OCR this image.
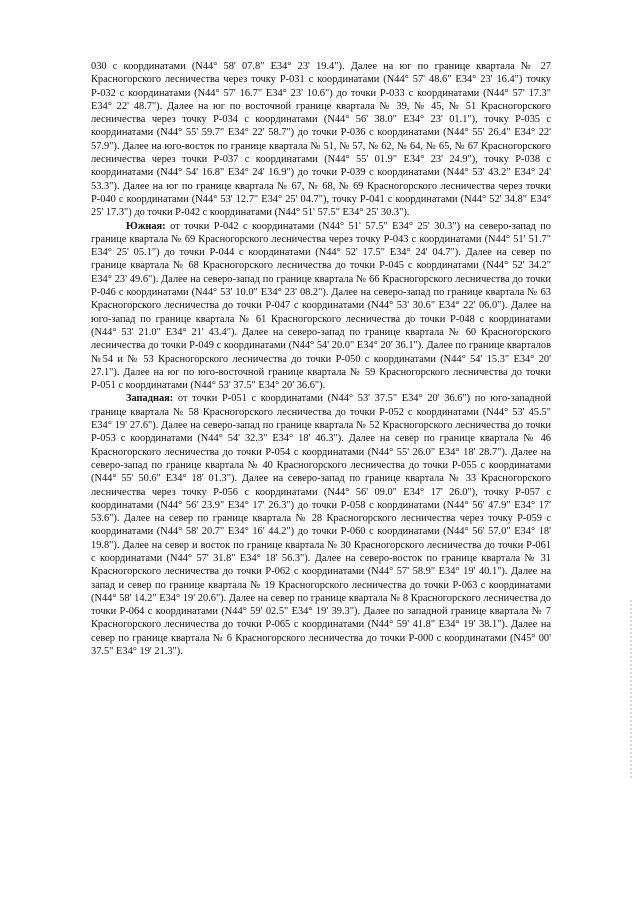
030 с координатами (N44° 58' 07.8" E34° 23' 19.4"). Далее на юг по границе квартала № 27 Красногорского лесничества через точку Р-031 с координатами (N44° 57' 48.6" E34° 23' 16.4") точку Р-032 с координатами (N44° 57' 16.7" E34° 23' 10.6") до точки Р-033 с координатами (N44° 57' 17.3" E34° 22' 48.7"). Далее на юг по восточной границе квартала № 39, № 45, № 51 Красногорского лесничества через точку Р-034 с координатами (N44° 56' 38.0" E34° 23' 01.1"), точку Р-035 с координатами (N44° 55' 59.7" E34° 22' 58.7") до точки Р-036 с координатами (N44° 55' 26.4" E34° 22' 57.9"). Далее на юго-восток по границе квартала № 51, № 57, № 62, № 64, № 65, № 67 Красногорского лесничества через точки Р-037 с координатами (N44° 55' 01.9" E34° 23' 24.9"), точку Р-038 с координатами (N44° 54' 16.8" E34° 24' 16.9") до точки Р-039 с координатами (N44° 53' 43.2" E34° 24' 53.3"). Далее на юг по границе квартала № 67, № 68, № 69 Красногорского лесничества через точки Р-040 с координатами (N44° 53' 12.7" E34° 25' 04.7"), точку Р-041 с координатами (N44° 52' 34.8" E34° 25' 17.3") до точки Р-042 с координатами (N44° 51' 57.5" E34° 25' 30.3").

Южная: от точки Р-042 с координатами (N44° 51' 57.5" E34° 25' 30.3") на северо-запад по границе квартала № 69 Красногорского лесничества через точку Р-043 с координатами (N44° 51' 51.7" E34° 25' 05.1") до точки Р-044 с координатами (N44° 52' 17.5" E34° 24' 04.7"). Далее на север по границе квартала № 68 Красногорского лесничества до точки Р-045 с координатами (N44° 52' 34.2" E34° 23' 49.6"). Далее на северо-запад по границе квартала № 66 Красногорского лесничества до точки Р-046 с координатами (N44° 53' 10.0" E34° 23' 08.2"). Далее на северо-запад по границе квартала № 63 Красногорского лесничества до точки Р-047 с координатами (N44° 53' 30.6" E34° 22' 06.0"). Далее на юго-запад по границе квартала № 61 Красногорского лесничества до точки Р-048 с координатами (N44° 53' 21.0" E34° 21' 43.4"). Далее на северо-запад по границе квартала № 60 Красногорского лесничества до точки Р-049 с координатами (N44° 54' 20.0" E34° 20' 36.1"). Далее по границе кварталов №54 и № 53 Красногорского лесничества до точки Р-050 с координатами (N44° 54' 15.3" E34° 20' 27.1"). Далее на юг по юго-восточной границе квартала № 59 Красногорского лесничества до точки Р-051 с координатами (N44° 53' 37.5" E34° 20' 36.6").

Западная: от точки Р-051 с координатами (N44° 53' 37.5" E34° 20' 36.6") по юго-западной границе квартала № 58 Красногорского лесничества до точки Р-052 с координатами (N44° 53' 45.5" E34° 19' 27.6"). Далее на северо-запад по границе квартала № 52 Красногорского лесничества до точки Р-053 с координатами (N44° 54' 32.3" E34° 18' 46.3"). Далее на север по границе квартала № 46 Красногорского лесничества до точки Р-054 с координатами (N44° 55' 26.0" E34° 18' 28.7"). Далее на северо-запад по границе квартала № 40 Красногорского лесничества до точки Р-055 с координатами (N44° 55' 50.6" E34° 18' 01.3"). Далее на северо-запад по границе квартала № 33 Красногорского лесничества через точку Р-056 с координатами (N44° 56' 09.0" E34° 17' 26.0"), точку Р-057 с координатами (N44° 56' 23.9" E34° 17' 26.3") до точки Р-058 с координатами (N44° 56' 47.9" E34° 17' 53.6"). Далее на север по границе квартала № 28 Красногорского лесничества через точку Р-059 с координатами (N44° 58' 20.7" E34° 16' 44.2") до точки Р-060 с координатами (N44° 56' 57.0" E34° 18' 19.8"). Далее на север и восток по границе квартала № 30 Красногорского лесничества до точки Р-061 с координатами (N44° 57' 31.8" E34° 18' 56.3"). Далее на северо-восток по границе квартала № 31 Красногорского лесничества до точки Р-062 с координатами (N44° 57' 58.9" E34° 19' 40.1"). Далее на запад и север по границе квартала № 19 Красногорского лесничества до точки Р-063 с координатами (N44° 58' 14.2" E34° 19' 20.6"). Далее на север по границе квартала № 8 Красногорского лесничества до точки Р-064 с координатами (N44° 59' 02.5" E34° 19' 39.3"). Далее по западной границе квартала № 7 Красногорского лесничества до точки Р-065 с координатами (N44° 59' 41.8" E34° 19' 38.1"). Далее на север по границе квартала № 6 Красногорского лесничества до точки Р-000 с координатами (N45° 00' 37.5" E34° 19' 21.3").
